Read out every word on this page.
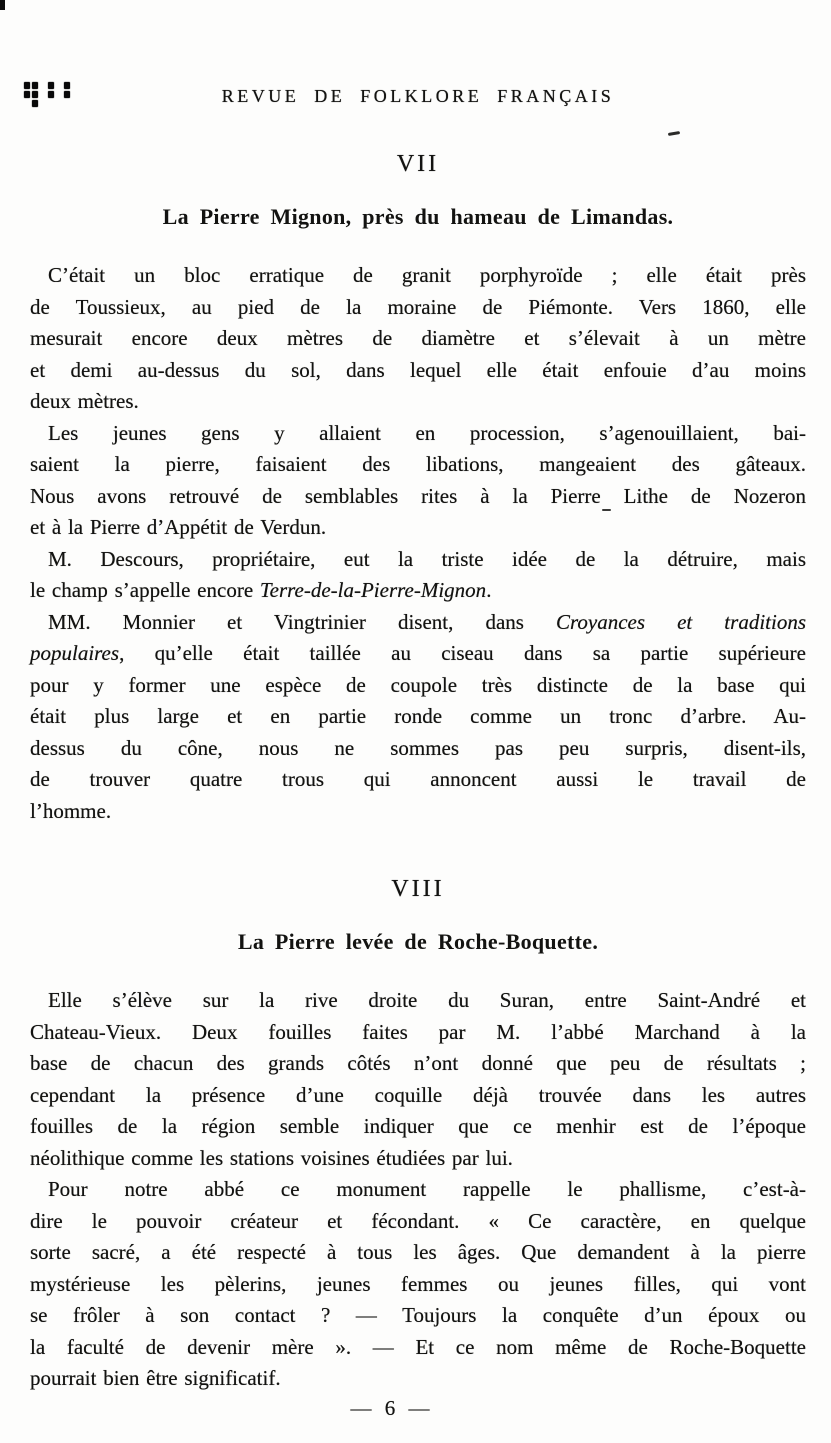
REVUE DE FOLKLORE FRANÇAIS
VII
La Pierre Mignon, près du hameau de Limandas.
C’était un bloc erratique de granit porphyroïde ; elle était près
de Toussieux, au pied de la moraine de Piémonte. Vers 1860, elle
mesurait encore deux mètres de diamètre et s’élevait à un mètre
et demi au-dessus du sol, dans lequel elle était enfouie d’au moins
deux mètres.
Les jeunes gens y allaient en procession, s’agenouillaient, bai-
saient la pierre, faisaient des libations, mangeaient des gâteaux.
Nous avons retrouvé de semblables rites à la Pierre Lithe de Nozeron
et à la Pierre d’Appétit de Verdun.
M. Descours, propriétaire, eut la triste idée de la détruire, mais
le champ s’appelle encore Terre-de-la-Pierre-Mignon.
MM. Monnier et Vingtrinier disent, dans Croyances et traditions
populaires, qu’elle était taillée au ciseau dans sa partie supérieure
pour y former une espèce de coupole très distincte de la base qui
était plus large et en partie ronde comme un tronc d’arbre. Au-
dessus du cône, nous ne sommes pas peu surpris, disent-ils,
de trouver quatre trous qui annoncent aussi le travail de
l’homme.
VIII
La Pierre levée de Roche-Boquette.
Elle s’élève sur la rive droite du Suran, entre Saint-André et
Chateau-Vieux. Deux fouilles faites par M. l’abbé Marchand à la
base de chacun des grands côtés n’ont donné que peu de résultats ;
cependant la présence d’une coquille déjà trouvée dans les autres
fouilles de la région semble indiquer que ce menhir est de l’époque
néolithique comme les stations voisines étudiées par lui.
Pour notre abbé ce monument rappelle le phallisme, c’est-à-
dire le pouvoir créateur et fécondant. « Ce caractère, en quelque
sorte sacré, a été respecté à tous les âges. Que demandent à la pierre
mystérieuse les pèlerins, jeunes femmes ou jeunes filles, qui vont
se frôler à son contact ? — Toujours la conquête d’un époux ou
la faculté de devenir mère ». — Et ce nom même de Roche-Boquette
pourrait bien être significatif.
— 6 —
